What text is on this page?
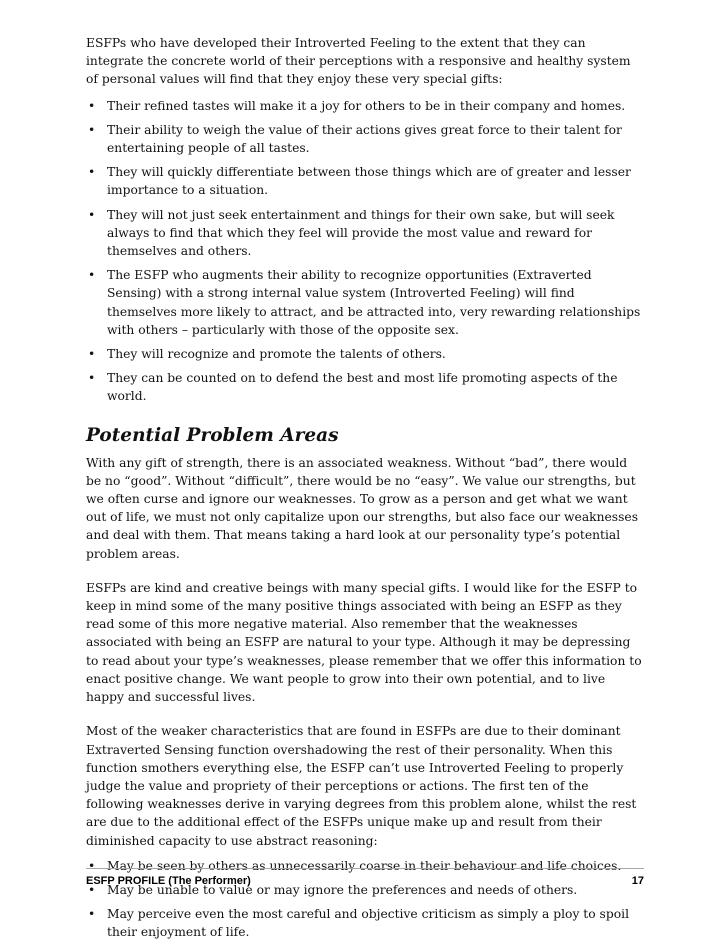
ESFPs who have developed their Introverted Feeling to the extent that they can integrate the concrete world of their perceptions with a responsive and healthy system of personal values will find that they enjoy these very special gifts:

• Their refined tastes will make it a joy for others to be in their company and homes.
• Their ability to weigh the value of their actions gives great force to their talent for entertaining people of all tastes.
• They will quickly differentiate between those things which are of greater and lesser importance to a situation.
• They will not just seek entertainment and things for their own sake, but will seek always to find that which they feel will provide the most value and reward for themselves and others.
• The ESFP who augments their ability to recognize opportunities (Extraverted Sensing) with a strong internal value system (Introverted Feeling) will find themselves more likely to attract, and be attracted into, very rewarding relationships with others – particularly with those of the opposite sex.
• They will recognize and promote the talents of others.
• They can be counted on to defend the best and most life promoting aspects of the world.
Potential Problem Areas

With any gift of strength, there is an associated weakness. Without “bad”, there would be no “good”. Without “difficult”, there would be no “easy”. We value our strengths, but we often curse and ignore our weaknesses. To grow as a person and get what we want out of life, we must not only capitalize upon our strengths, but also face our weaknesses and deal with them. That means taking a hard look at our personality type’s potential problem areas.

ESFPs are kind and creative beings with many special gifts. I would like for the ESFP to keep in mind some of the many positive things associated with being an ESFP as they read some of this more negative material. Also remember that the weaknesses associated with being an ESFP are natural to your type. Although it may be depressing to read about your type’s weaknesses, please remember that we offer this information to enact positive change. We want people to grow into their own potential, and to live happy and successful lives.

Most of the weaker characteristics that are found in ESFPs are due to their dominant Extraverted Sensing function overshadowing the rest of their personality. When this function smothers everything else, the ESFP can’t use Introverted Feeling to properly judge the value and propriety of their perceptions or actions. The first ten of the following weaknesses derive in varying degrees from this problem alone, whilst the rest are due to the additional effect of the ESFPs unique make up and result from their diminished capacity to use abstract reasoning:

• May be seen by others as unnecessarily coarse in their behaviour and life choices.
• May be unable to value or may ignore the preferences and needs of others.
• May perceive even the most careful and objective criticism as simply a ploy to spoil their enjoyment of life.
ESFP PROFILE (The Performer)	17
